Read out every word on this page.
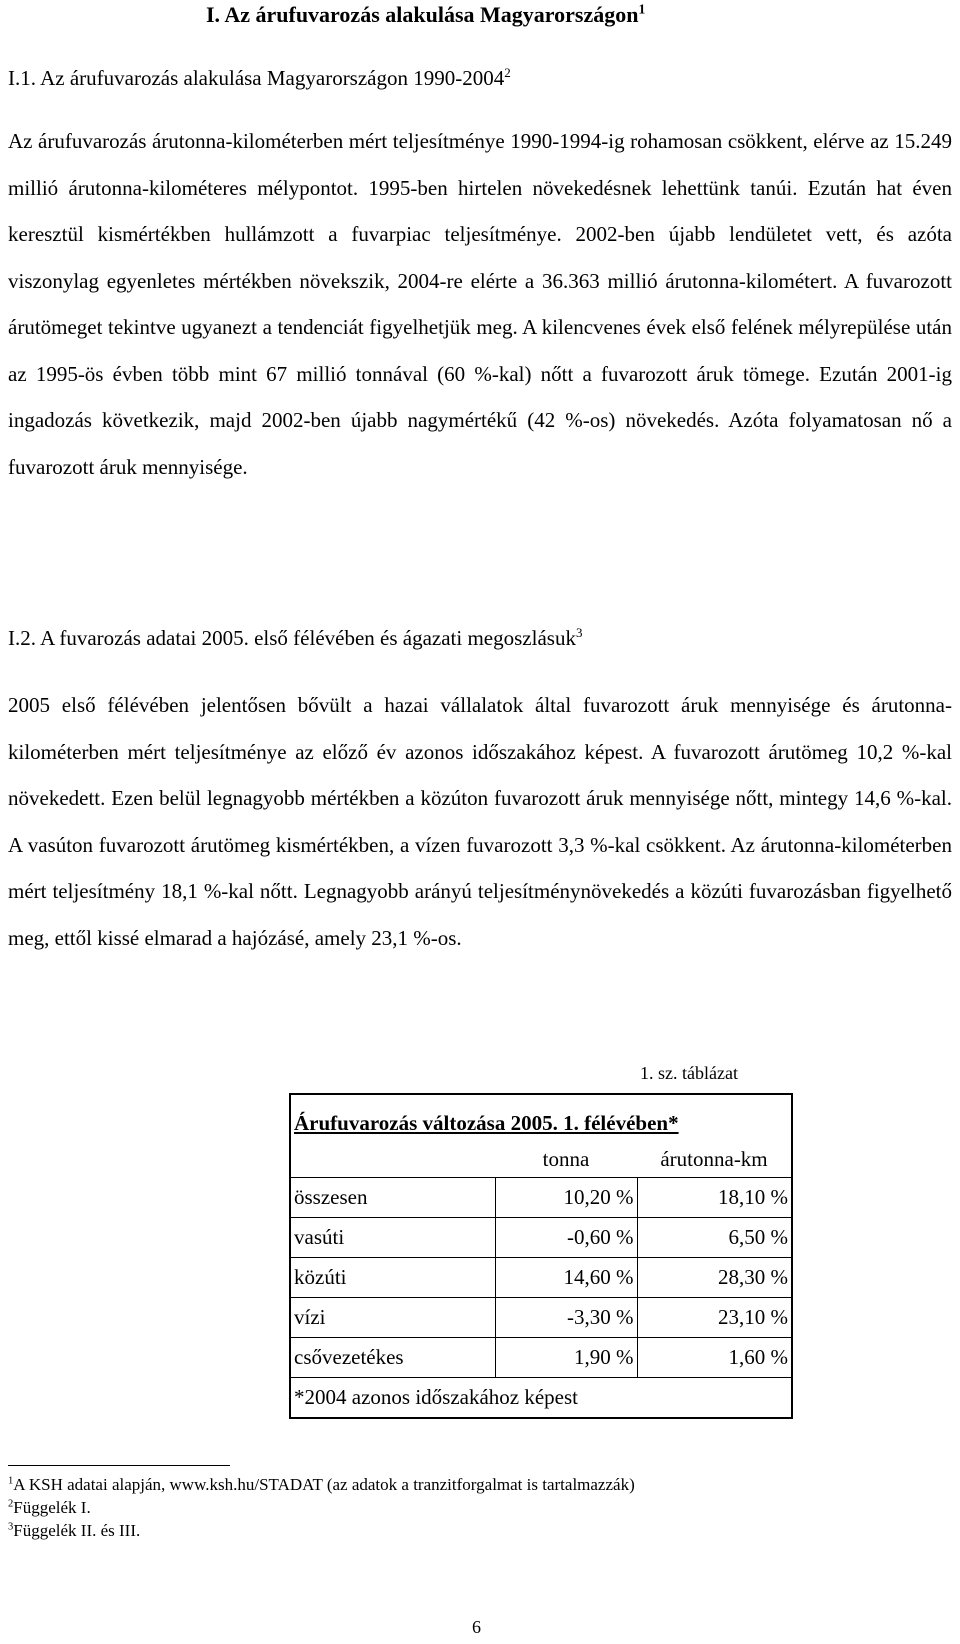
I. Az árufuvarozás alakulása Magyarországon$^1$

I.1. Az árufuvarozás alakulása Magyarországon 1990-2004$^2$

Az árufuvarozás árutonna-kilométerben mért teljesítménye 1990-1994-ig rohamosan csökkent, elérve az 15.249 millió árutonna-kilométeres mélypontot. 1995-ben hirtelen növekedésnek lehettünk tanúi. Ezután hat éven keresztül kismértékben hullámzott a fuvarpiac teljesítménye. 2002-ben újabb lendületet vett, és azóta viszonylag egyenletes mértékben növekszik, 2004-re elérte a 36.363 millió árutonna-kilométert. A fuvarozott árutömeget tekintve ugyanezt a tendenciát figyelhetjük meg. A kilencvenes évek első felének mélyrepülése után az 1995-ös évben több mint 67 millió tonnával (60 %-kal) nőtt a fuvarozott áruk tömege. Ezután 2001-ig ingadozás következik, majd 2002-ben újabb nagymértékű (42 %-os) növekedés. Azóta folyamatosan nő a fuvarozott áruk mennyisége.

I.2. A fuvarozás adatai 2005. első félévében és ágazati megoszlásuk$^3$

2005 első félévében jelentősen bővült a hazai vállalatok által fuvarozott áruk mennyisége és árutonna-kilométerben mért teljesítménye az előző év azonos időszakához képest. A fuvarozott árutömeg 10,2 %-kal növekedett. Ezen belül legnagyobb mértékben a közúton fuvarozott áruk mennyisége nőtt, mintegy 14,6 %-kal. A vasúton fuvarozott árutömeg kismértékben, a vízen fuvarozott 3,3 %-kal csökkent. Az árutonna-kilométerben mért teljesítmény 18,1 %-kal nőtt. Legnagyobb arányú teljesítménynövekedés a közúti fuvarozásban figyelhető meg, ettől kissé elmarad a hajózásé, amely 23,1 %-os.

1. sz. táblázat
Árufuvarozás változása 2005. 1. félévében*		
	tonna	árutonna-km
összesen	10,20 %	18,10 %
vasúti	-0,60 %	6,50 %
közúti	14,60 %	28,30 %
vízi	-3,30 %	23,10 %
csővezetékes	1,90 %	1,60 %
*2004 azonos időszakához képest		
$^1$A KSH adatai alapján, www.ksh.hu/STADAT (az adatok a tranzitforgalmat is tartalmazzák)
$^2$Függelék I.
$^3$Függelék II. és III.
6
